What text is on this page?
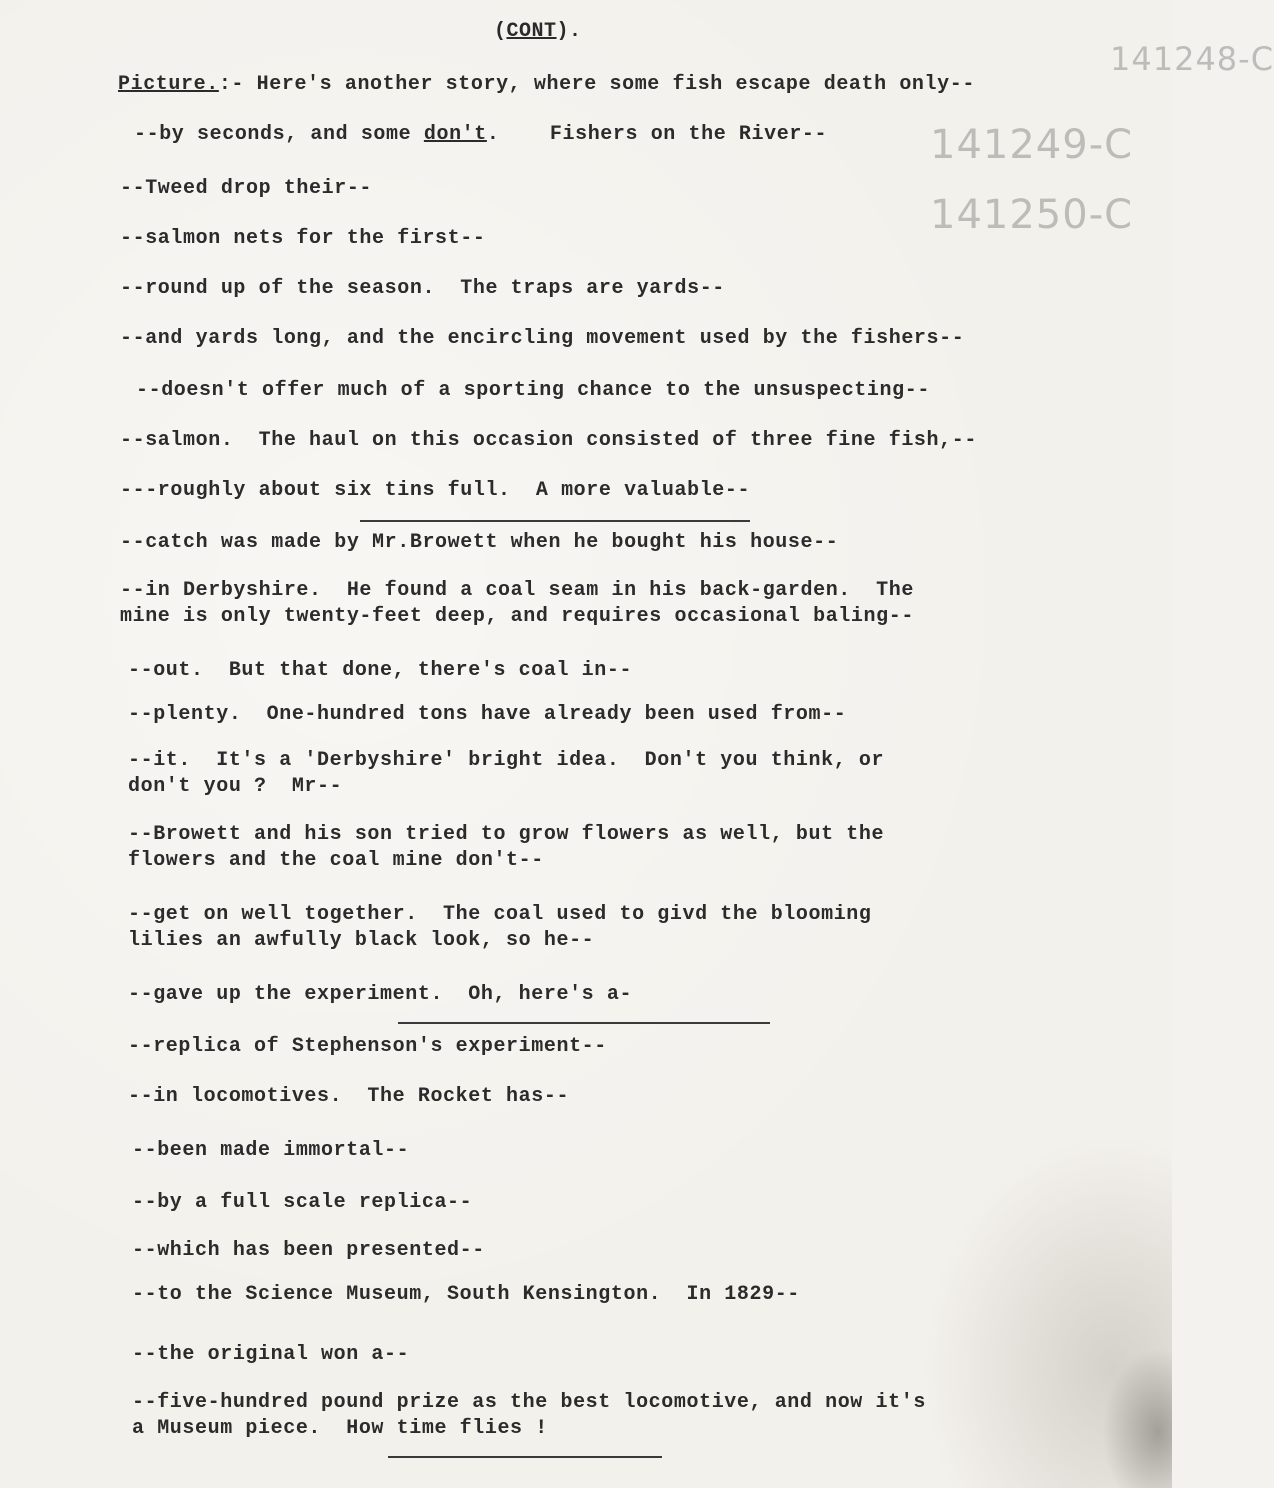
(CONT).
141248-C
141249-C
141250-C
Picture.:- Here's another story, where some fish escape death only--
--by seconds, and some don't.    Fishers on the River--
--Tweed drop their--
--salmon nets for the first--
--round up of the season.  The traps are yards--
--and yards long, and the encircling movement used by the fishers--
--doesn't offer much of a sporting chance to the unsuspecting--
--salmon.  The haul on this occasion consisted of three fine fish,--
---roughly about six tins full.  A more valuable--
--catch was made by Mr.Browett when he bought his house--
--in Derbyshire.  He found a coal seam in his back-garden.  The
mine is only twenty-feet deep, and requires occasional baling--
--out.  But that done, there's coal in--
--plenty.  One-hundred tons have already been used from--
--it.  It's a 'Derbyshire' bright idea.  Don't you think, or
don't you ?  Mr--
--Browett and his son tried to grow flowers as well, but the
flowers and the coal mine don't--
--get on well together.  The coal used to givd the blooming
lilies an awfully black look, so he--
--gave up the experiment.  Oh, here's a-
--replica of Stephenson's experiment--
--in locomotives.  The Rocket has--
--been made immortal--
--by a full scale replica--
--which has been presented--
--to the Science Museum, South Kensington.  In 1829--
--the original won a--
--five-hundred pound prize as the best locomotive, and now it's
a Museum piece.  How time flies !
